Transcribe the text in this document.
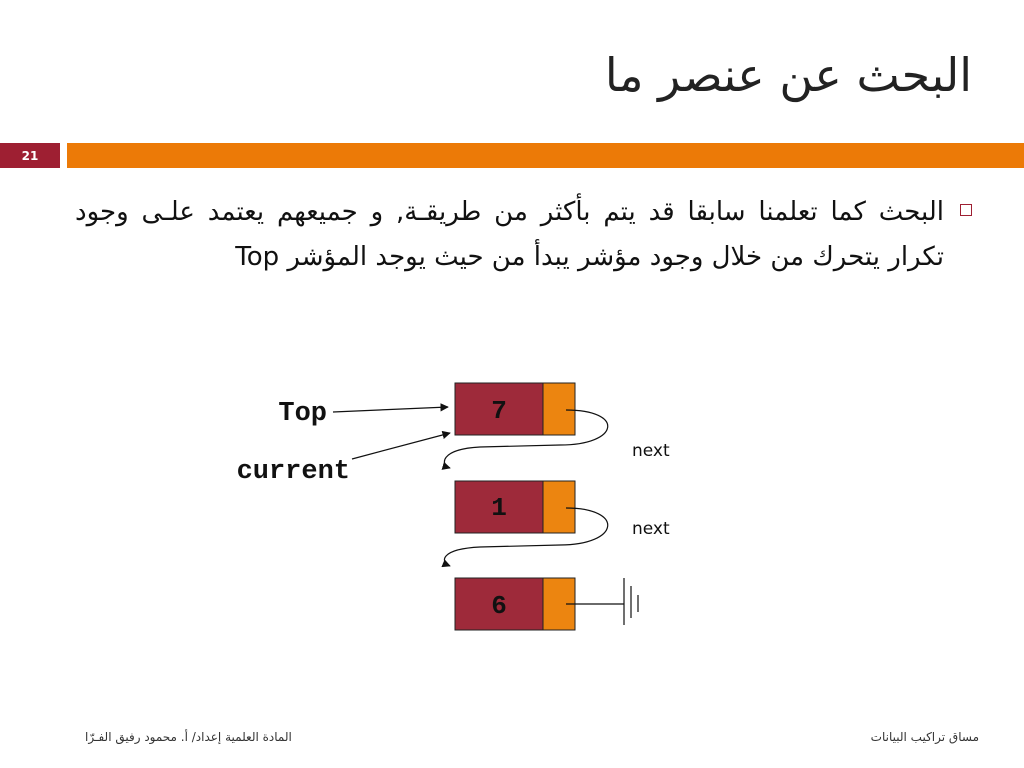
البحث عن عنصر ما
21
البحث كما تعلمنا سابقا قد يتم بأكثر من طريقـة, و جميعهم يعتمد علـى وجود تكرار يتحرك من خلال وجود مؤشر يبدأ من حيث يوجد المؤشر Top
7
1
6
Top
current
next
next
المادة العلمية إعداد/ أ. محمود رفيق الفـرّا	مساق تراكيب البيانات
